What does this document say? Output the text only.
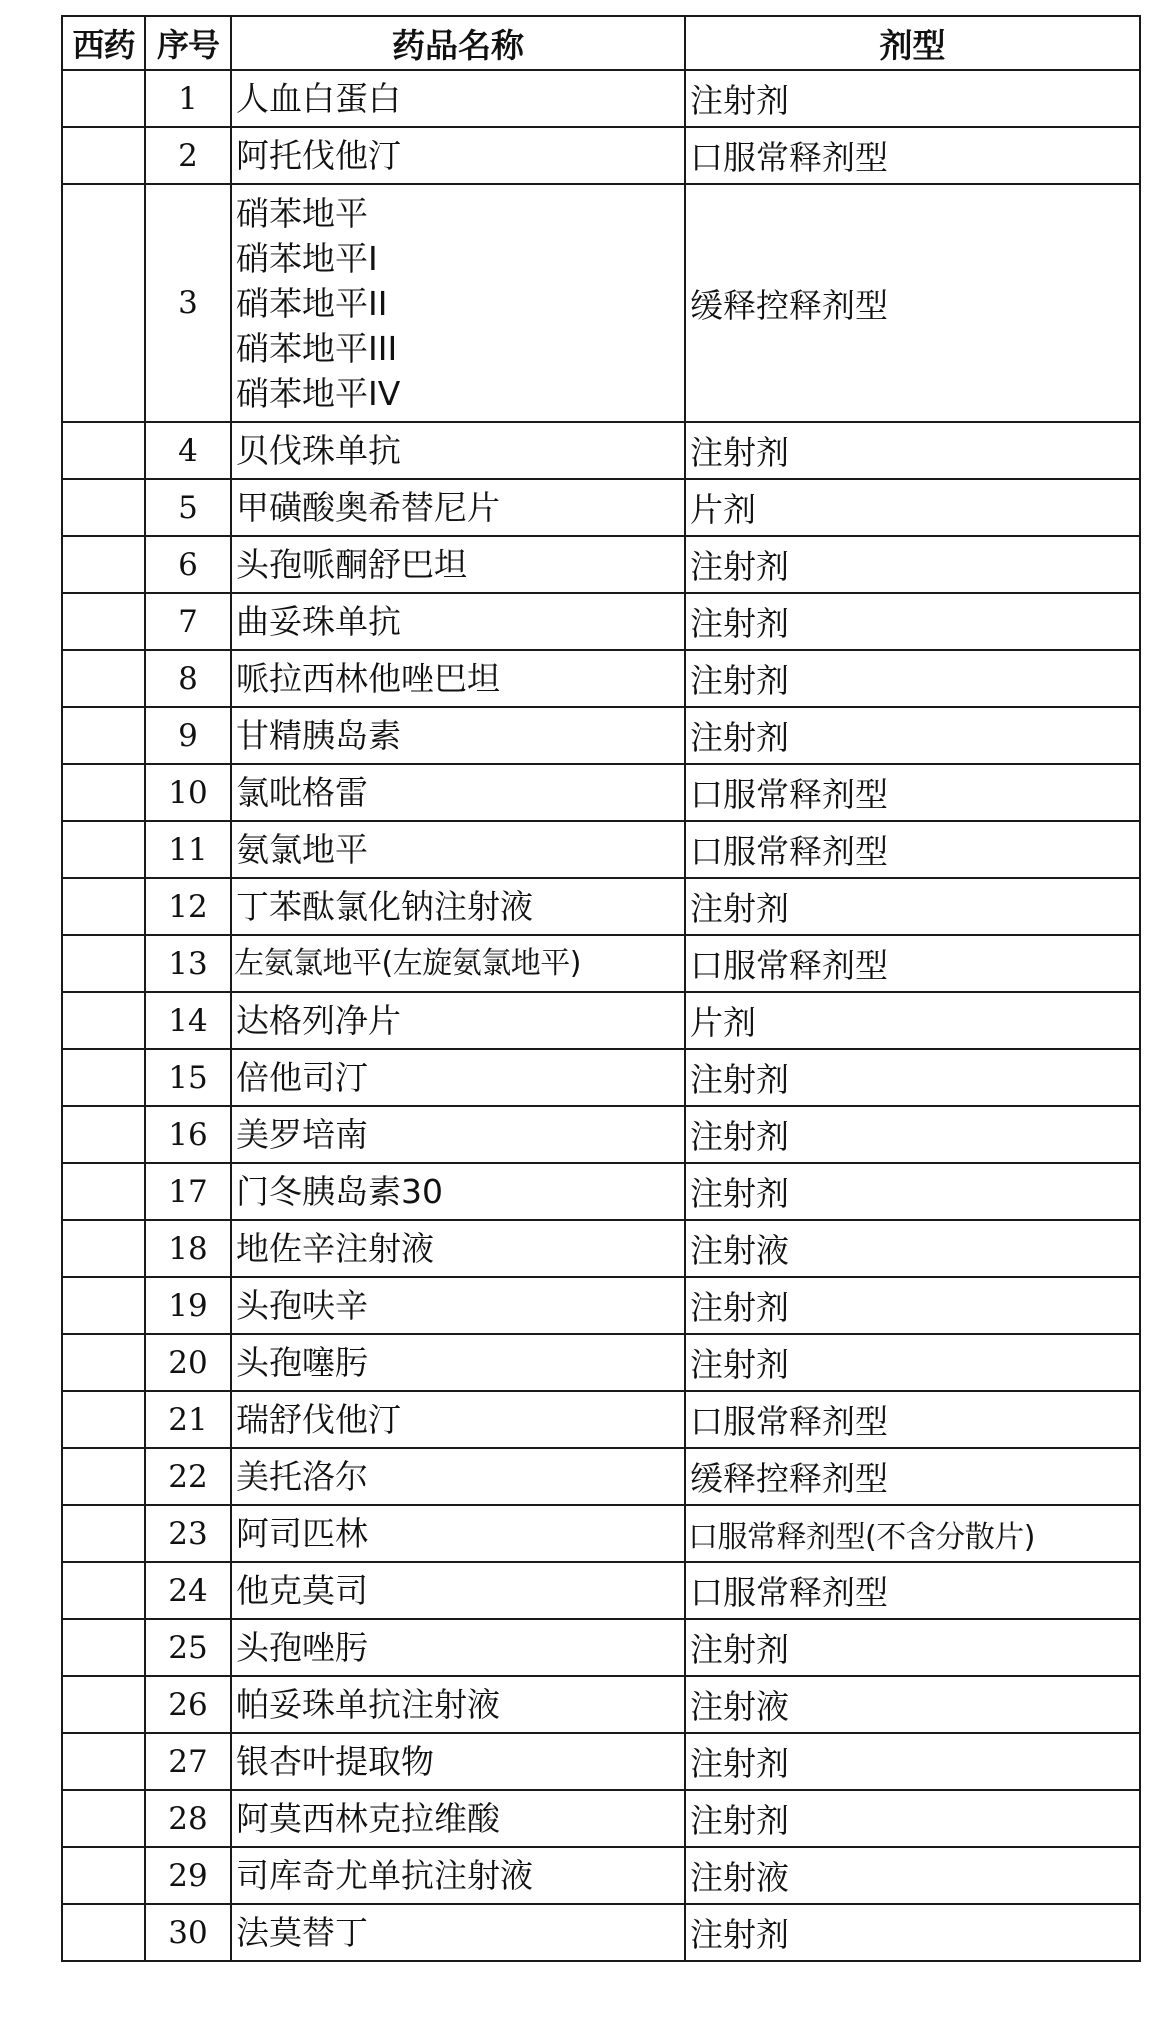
西药	序号	药品名称	剂型
	1	人血白蛋白	注射剂
	2	阿托伐他汀	口服常释剂型
	3	硝苯地平
硝苯地平I
硝苯地平II
硝苯地平III
硝苯地平IV	缓释控释剂型
	4	贝伐珠单抗	注射剂
	5	甲磺酸奥希替尼片	片剂
	6	头孢哌酮舒巴坦	注射剂
	7	曲妥珠单抗	注射剂
	8	哌拉西林他唑巴坦	注射剂
	9	甘精胰岛素	注射剂
	10	氯吡格雷	口服常释剂型
	11	氨氯地平	口服常释剂型
	12	丁苯酞氯化钠注射液	注射剂
	13	左氨氯地平(左旋氨氯地平)	口服常释剂型
	14	达格列净片	片剂
	15	倍他司汀	注射剂
	16	美罗培南	注射剂
	17	门冬胰岛素30	注射剂
	18	地佐辛注射液	注射液
	19	头孢呋辛	注射剂
	20	头孢噻肟	注射剂
	21	瑞舒伐他汀	口服常释剂型
	22	美托洛尔	缓释控释剂型
	23	阿司匹林	口服常释剂型(不含分散片)
	24	他克莫司	口服常释剂型
	25	头孢唑肟	注射剂
	26	帕妥珠单抗注射液	注射液
	27	银杏叶提取物	注射剂
	28	阿莫西林克拉维酸	注射剂
	29	司库奇尤单抗注射液	注射液
	30	法莫替丁	注射剂
